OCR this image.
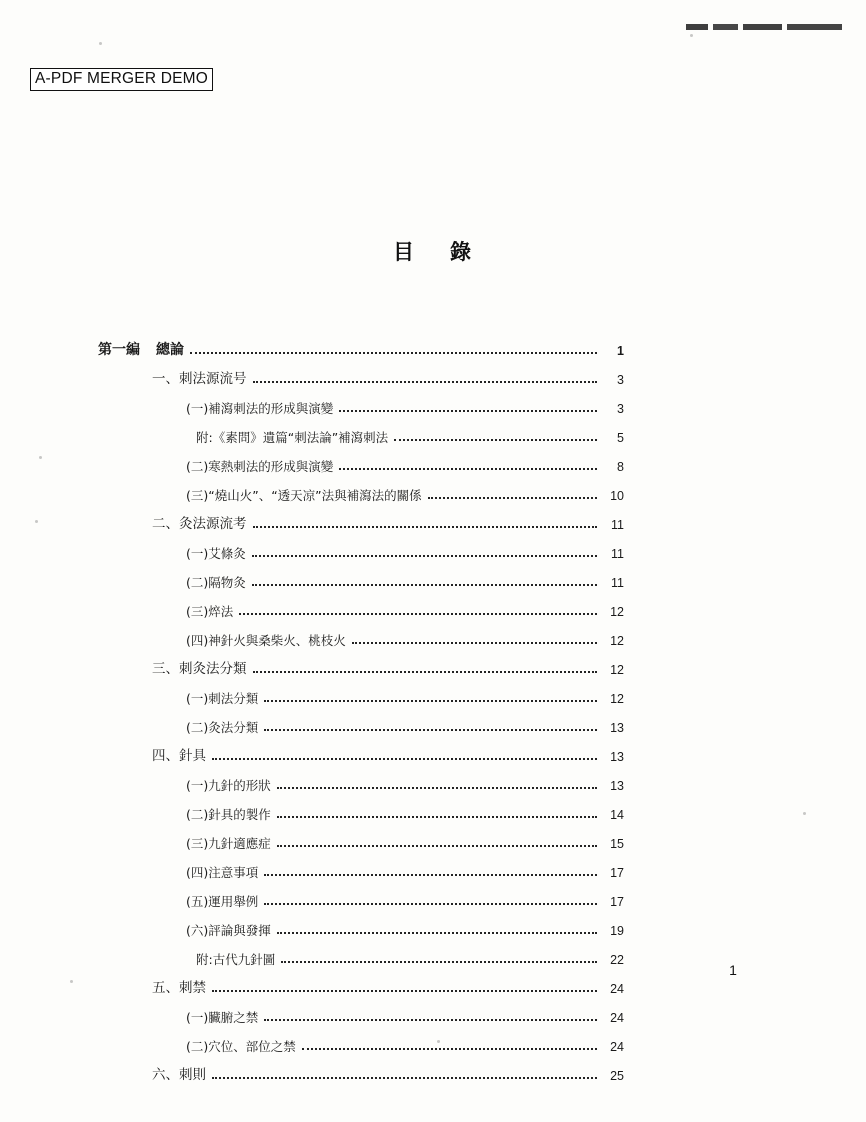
A-PDF MERGER DEMO
目 錄
第一編 總論	1
一、刺法源流号	3
(一)補瀉刺法的形成與演變	3
附:《素問》遺篇“刺法論”補瀉刺法	5
(二)寒熱刺法的形成與演變	8
(三)“燒山火”、“透天凉”法與補瀉法的關係	10
二、灸法源流考	11
(一)艾條灸	11
(二)隔物灸	11
(三)焠法	12
(四)神針火與桑柴火、桃枝火	12
三、刺灸法分類	12
(一)刺法分類	12
(二)灸法分類	13
四、針具	13
(一)九針的形狀	13
(二)針具的製作	14
(三)九針適應症	15
(四)注意事項	17
(五)運用舉例	17
(六)評論與發揮	19
附:古代九針圖	22
五、刺禁	24
(一)臟腑之禁	24
(二)穴位、部位之禁	24
六、刺則	25
1
